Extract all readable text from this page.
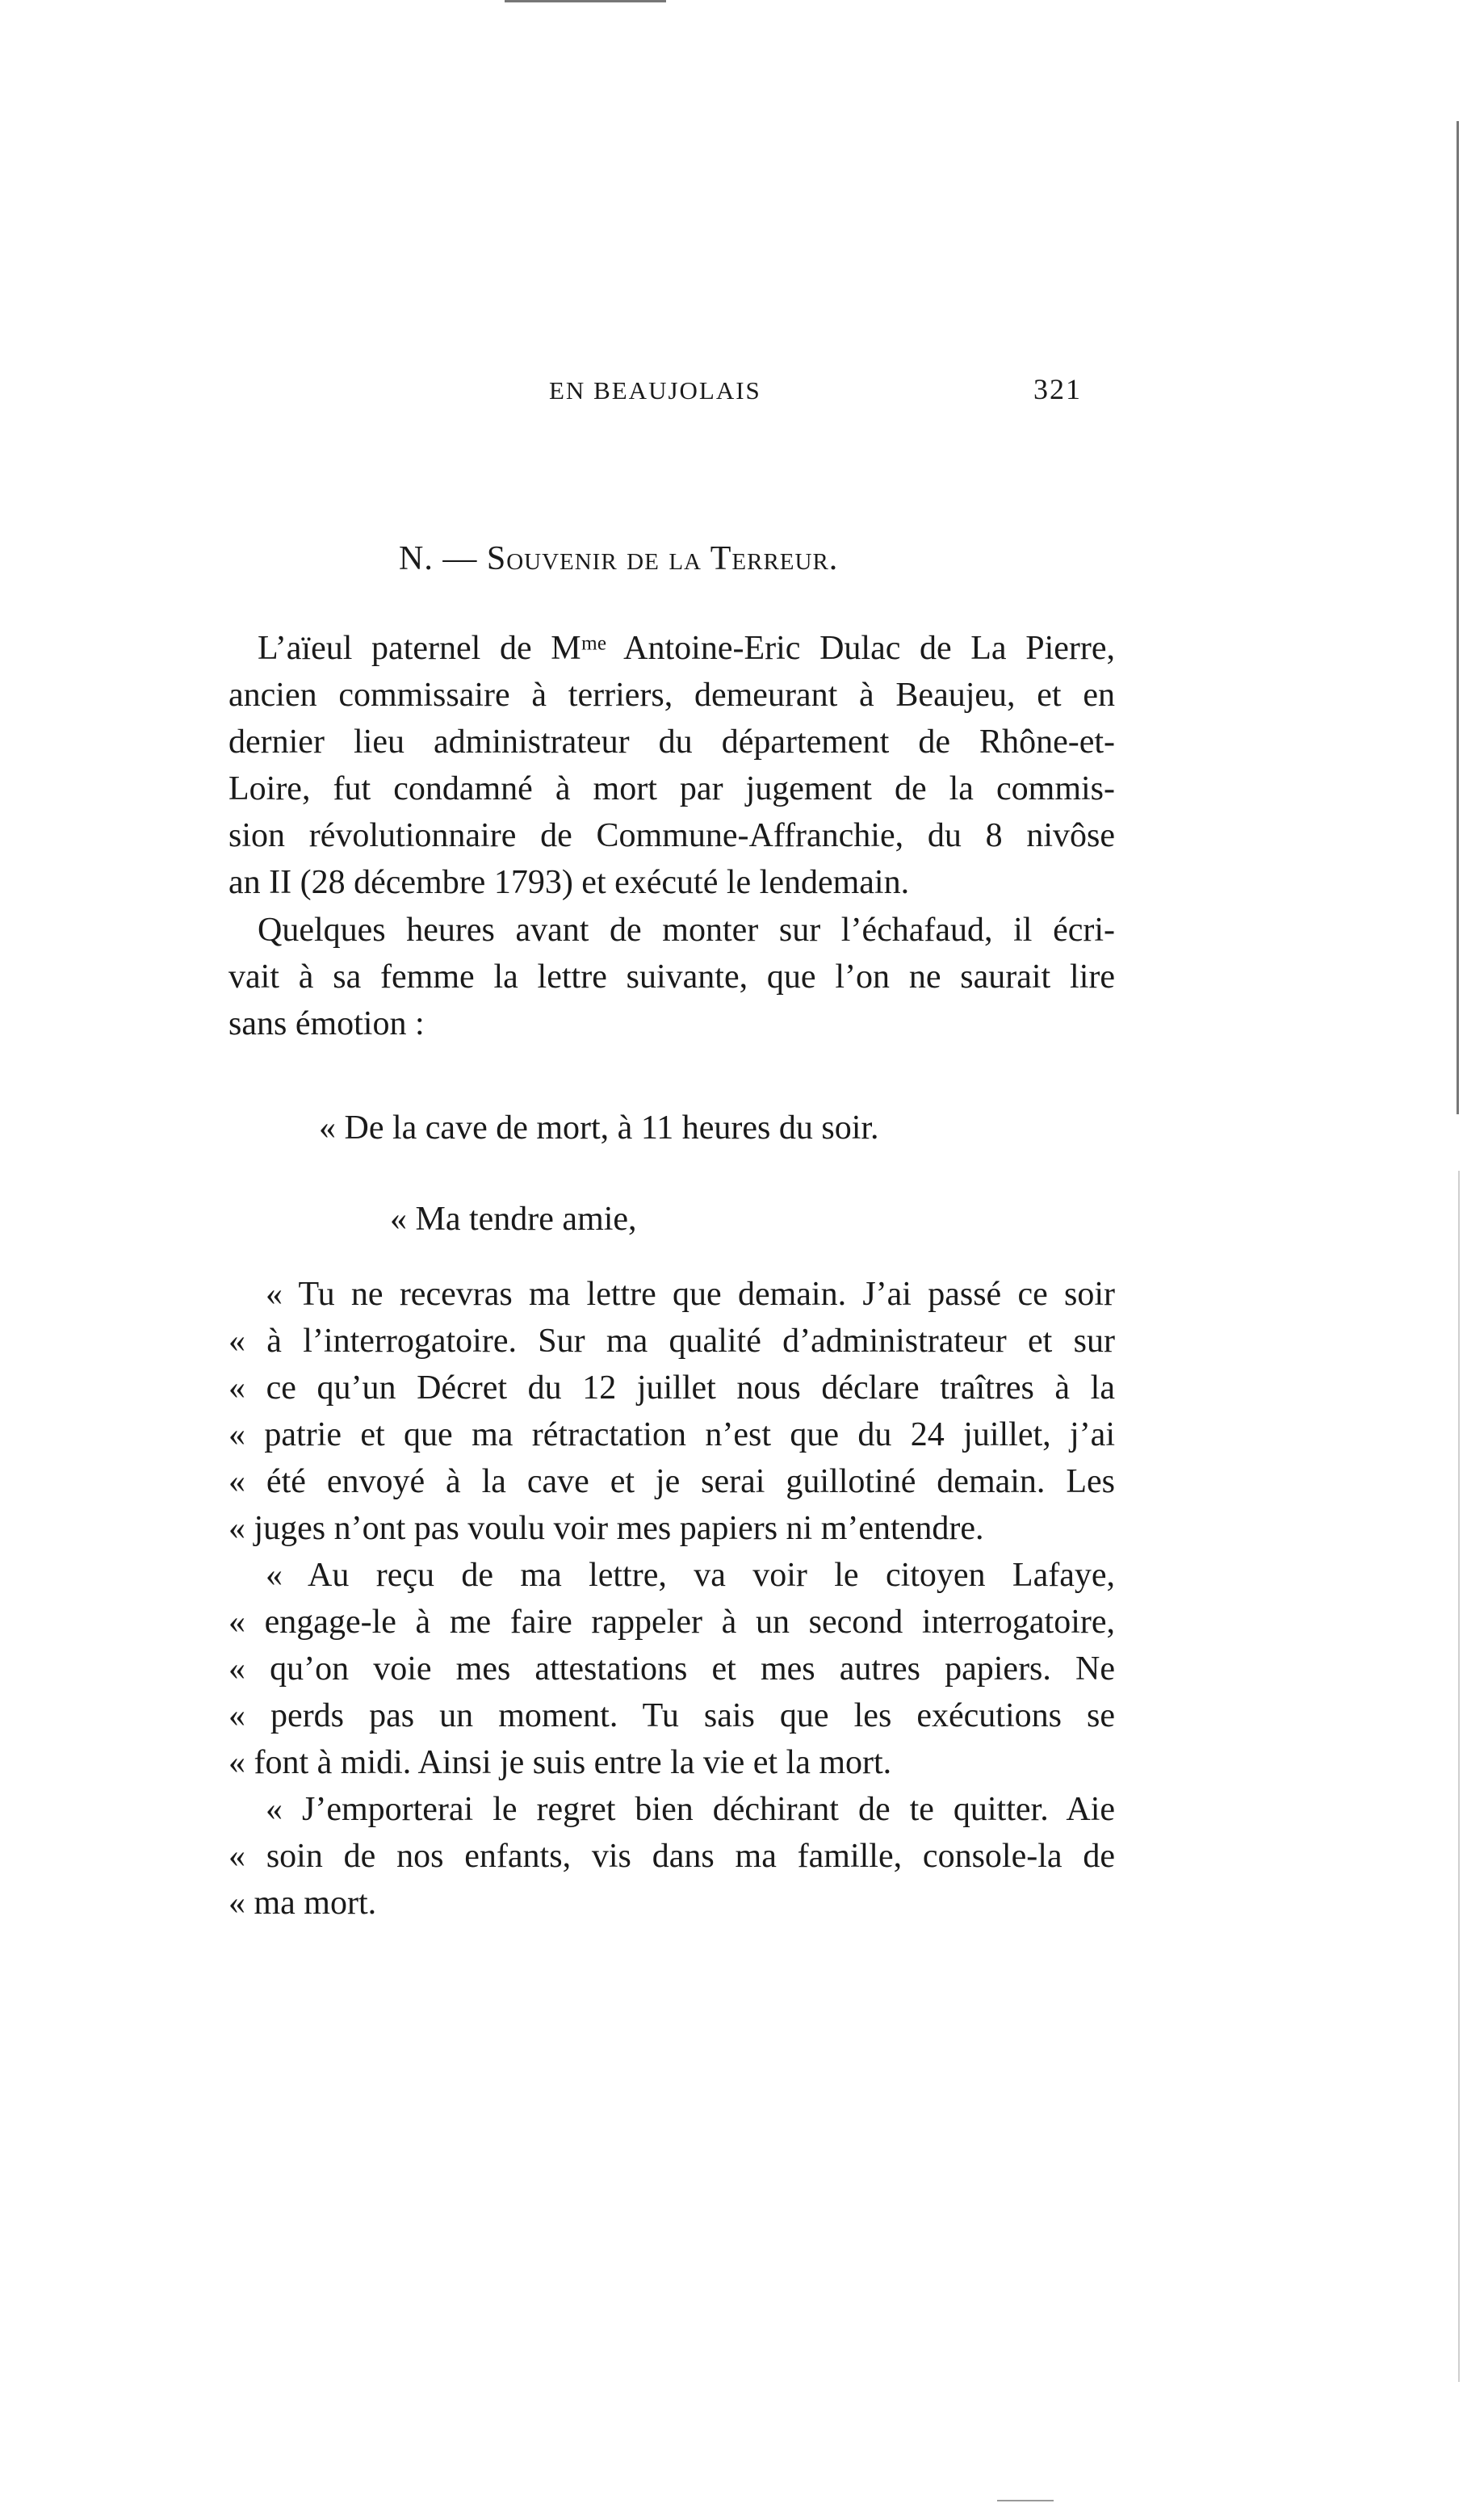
EN BEAUJOLAIS	321
N. — Souvenir de la Terreur.
L’aïeul paternel de Mᵐᵉ Antoine-Eric Dulac de La Pierre,
ancien commissaire à terriers, demeurant à Beaujeu, et en
dernier lieu administrateur du département de Rhône-et-
Loire, fut condamné à mort par jugement de la commis-
sion révolutionnaire de Commune-Affranchie, du 8 nivôse
an II (28 décembre 1793) et exécuté le lendemain.
Quelques heures avant de monter sur l’échafaud, il écri-
vait à sa femme la lettre suivante, que l’on ne saurait lire
sans émotion :
« De la cave de mort, à 11 heures du soir.
« Ma tendre amie,
« Tu ne recevras ma lettre que demain. J’ai passé ce soir
« à l’interrogatoire. Sur ma qualité d’administrateur et sur
« ce qu’un Décret du 12 juillet nous déclare traîtres à la
« patrie et que ma rétractation n’est que du 24 juillet, j’ai
« été envoyé à la cave et je serai guillotiné demain. Les
« juges n’ont pas voulu voir mes papiers ni m’entendre.
« Au reçu de ma lettre, va voir le citoyen Lafaye,
« engage-le à me faire rappeler à un second interrogatoire,
« qu’on voie mes attestations et mes autres papiers. Ne
« perds pas un moment. Tu sais que les exécutions se
« font à midi. Ainsi je suis entre la vie et la mort.
« J’emporterai le regret bien déchirant de te quitter. Aie
« soin de nos enfants, vis dans ma famille, console-la de
« ma mort.
